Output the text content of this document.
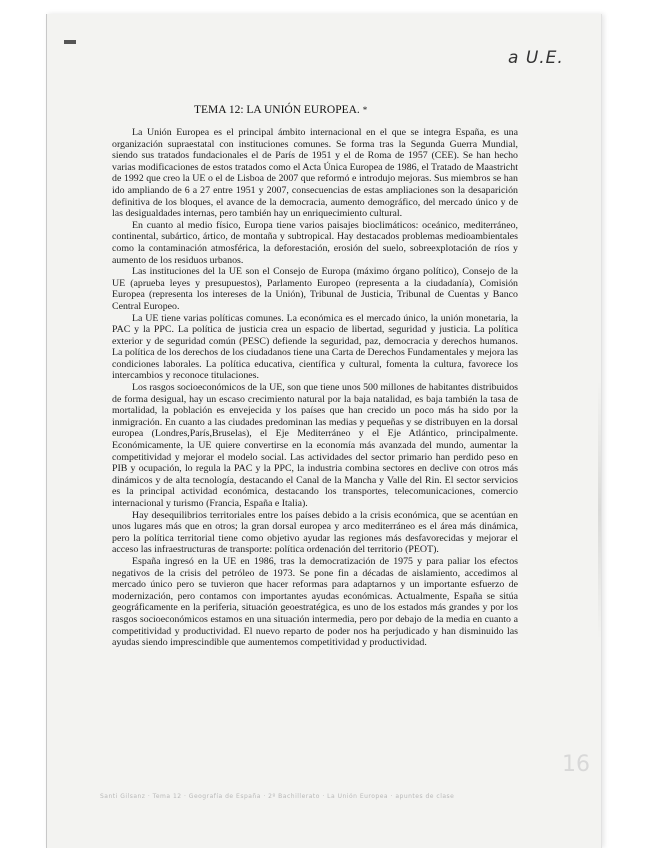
a U.E.
TEMA 12: LA UNIÓN EUROPEA. *

La Unión Europea es el principal ámbito internacional en el que se integra España, es una organización supraestatal con instituciones comunes. Se forma tras la Segunda Guerra Mundial, siendo sus tratados fundacionales el de París de 1951 y el de Roma de 1957 (CEE). Se han hecho varias modificaciones de estos tratados como el Acta Única Europea de 1986, el Tratado de Maastricht de 1992 que creo la UE o el de Lisboa de 2007 que reformó e introdujo mejoras. Sus miembros se han ido ampliando de 6 a 27 entre 1951 y 2007, consecuencias de estas ampliaciones son la desaparición definitiva de los bloques, el avance de la democracia, aumento demográfico, del mercado único y de las desigualdades internas, pero también hay un enriquecimiento cultural.

En cuanto al medio físico, Europa tiene varios paisajes bioclimáticos: oceánico, mediterráneo, continental, subártico, ártico, de montaña y subtropical. Hay destacados problemas medioambientales como la contaminación atmosférica, la deforestación, erosión del suelo, sobreexplotación de ríos y aumento de los residuos urbanos.

Las instituciones del la UE son el Consejo de Europa (máximo órgano político), Consejo de la UE (aprueba leyes y presupuestos), Parlamento Europeo (representa a la ciudadanía), Comisión Europea (representa los intereses de la Unión), Tribunal de Justicia, Tribunal de Cuentas y Banco Central Europeo.

La UE tiene varias políticas comunes. La económica es el mercado único, la unión monetaria, la PAC y la PPC. La política de justicia crea un espacio de libertad, seguridad y justicia. La política exterior y de seguridad común (PESC) defiende la seguridad, paz, democracia y derechos humanos. La política de los derechos de los ciudadanos tiene una Carta de Derechos Fundamentales y mejora las condiciones laborales. La política educativa, científica y cultural, fomenta la cultura, favorece los intercambios y reconoce titulaciones.

Los rasgos socioeconómicos de la UE, son que tiene unos 500 millones de habitantes distribuidos de forma desigual, hay un escaso crecimiento natural por la baja natalidad, es baja también la tasa de mortalidad, la población es envejecida y los países que han crecido un poco más ha sido por la inmigración. En cuanto a las ciudades predominan las medias y pequeñas y se distribuyen en la dorsal europea (Londres,París,Bruselas), el Eje Mediterráneo y el Eje Atlántico, principalmente. Económicamente, la UE quiere convertirse en la economía más avanzada del mundo, aumentar la competitividad y mejorar el modelo social. Las actividades del sector primario han perdido peso en PIB y ocupación, lo regula la PAC y la PPC, la industria combina sectores en declive con otros más dinámicos y de alta tecnología, destacando el Canal de la Mancha y Valle del Rin. El sector servicios es la principal actividad económica, destacando los transportes, telecomunicaciones, comercio internacional y turismo (Francia, España e Italia).

Hay desequilibrios territoriales entre los países debido a la crisis económica, que se acentúan en unos lugares más que en otros; la gran dorsal europea y arco mediterráneo es el área más dinámica, pero la política territorial tiene como objetivo ayudar las regiones más desfavorecidas y mejorar el acceso las infraestructuras de transporte: política ordenación del territorio (PEOT).

España ingresó en la UE en 1986, tras la democratización de 1975 y para paliar los efectos negativos de la crisis del petróleo de 1973. Se pone fin a décadas de aislamiento, accedimos al mercado único pero se tuvieron que hacer reformas para adaptarnos y un importante esfuerzo de modernización, pero contamos con importantes ayudas económicas. Actualmente, España se sitúa geográficamente en la periferia, situación geoestratégica, es uno de los estados más grandes y por los rasgos socioeconómicos estamos en una situación intermedia, pero por debajo de la media en cuanto a competitividad y productividad. El nuevo reparto de poder nos ha perjudicado y han disminuido las ayudas siendo imprescindible que aumentemos competitividad y productividad.

16
Santi Gilsanz · Tema 12 · Geografía de España · 2º Bachillerato · La Unión Europea · apuntes de clase
